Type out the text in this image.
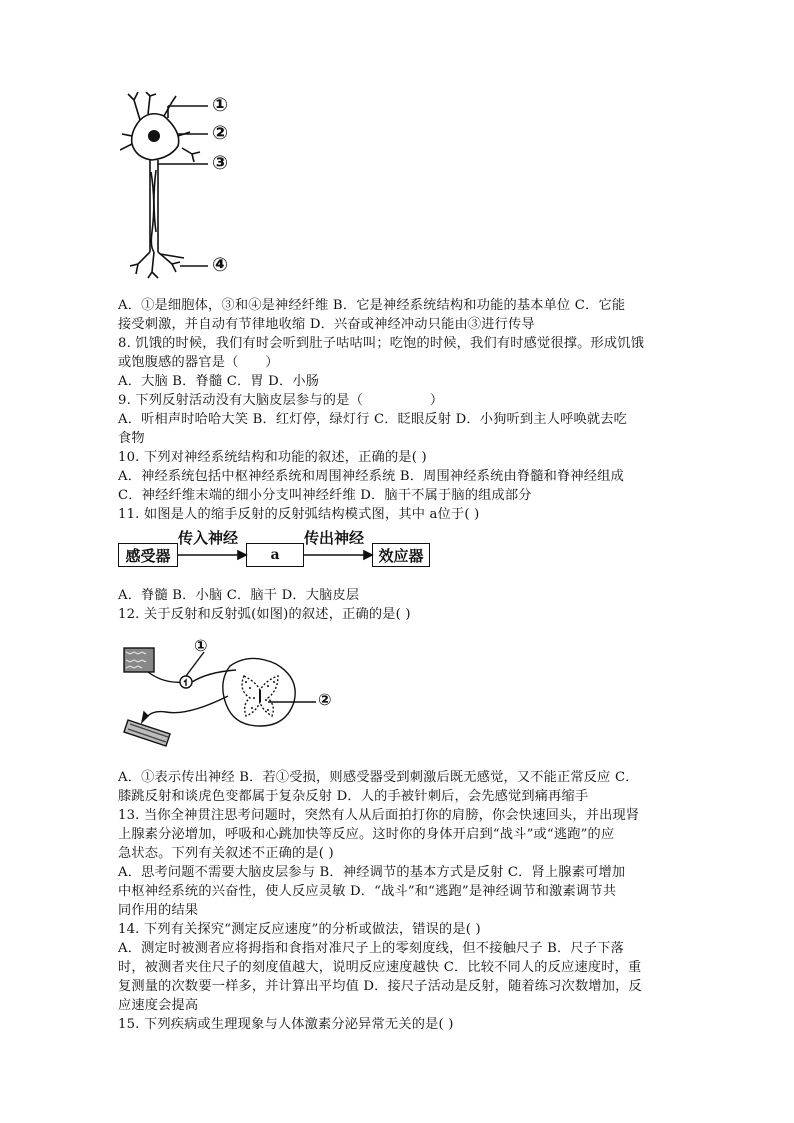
①
②
③
④
A．①是细胞体，③和④是神经纤维 B．它是神经系统结构和功能的基本单位 C．它能
接受刺激，并自动有节律地收缩 D．兴奋或神经冲动只能由③进行传导
8. 饥饿的时候，我们有时会听到肚子咕咕叫；吃饱的时候，我们有时感觉很撑。形成饥饿
或饱腹感的器官是（　　）
A．大脑 B．脊髓 C．胃 D．小肠
9. 下列反射活动没有大脑皮层参与的是（　　　　　）
A．听相声时哈哈大笑 B．红灯停，绿灯行 C．眨眼反射 D．小狗听到主人呼唤就去吃
食物
10. 下列对神经系统结构和功能的叙述，正确的是( )
A．神经系统包括中枢神经系统和周围神经系统 B．周围神经系统由脊髓和脊神经组成
C．神经纤维末端的细小分支叫神经纤维 D．脑干不属于脑的组成部分
11. 如图是人的缩手反射的反射弧结构模式图，其中 a位于( )
感受器	a	效应器
传入神经	传出神经
A．脊髓 B．小脑 C．脑干 D．大脑皮层
12. 关于反射和反射弧(如图)的叙述，正确的是( )
①
②
A．①表示传出神经 B．若①受损，则感受器受到刺激后既无感觉，又不能正常反应 C．
膝跳反射和谈虎色变都属于复杂反射 D．人的手被针刺后，会先感觉到痛再缩手
13. 当你全神贯注思考问题时，突然有人从后面拍打你的肩膀，你会快速回头，并出现肾
上腺素分泌增加，呼吸和心跳加快等反应。这时你的身体开启到“战斗”或“逃跑”的应
急状态。下列有关叙述不正确的是( )
A．思考问题不需要大脑皮层参与 B．神经调节的基本方式是反射 C．肾上腺素可增加
中枢神经系统的兴奋性，使人反应灵敏 D．“战斗”和“逃跑”是神经调节和激素调节共
同作用的结果
14. 下列有关探究“测定反应速度”的分析或做法，错误的是( )
A．测定时被测者应将拇指和食指对准尺子上的零刻度线，但不接触尺子 B．尺子下落
时，被测者夹住尺子的刻度值越大，说明反应速度越快 C．比较不同人的反应速度时，重
复测量的次数要一样多，并计算出平均值 D．接尺子活动是反射，随着练习次数增加，反
应速度会提高
15. 下列疾病或生理现象与人体激素分泌异常无关的是( )
